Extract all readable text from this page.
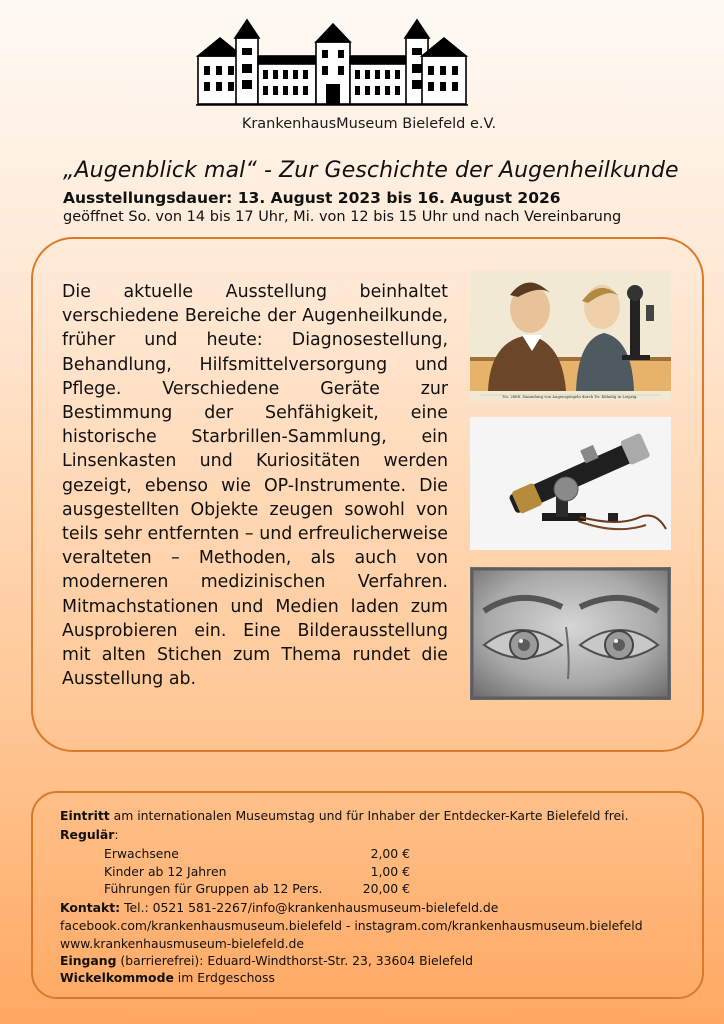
KrankenhausMuseum Bielefeld e.V.
„Augenblick mal“ - Zur Geschichte der Augenheilkunde
Ausstellungsdauer: 13. August 2023 bis 16. August 2026
geöffnet So. von 14 bis 17 Uhr, Mi. von 12 bis 15 Uhr und nach Vereinbarung
Die aktuelle Ausstellung beinhaltet verschiedene Bereiche der Augenheilkunde, früher und heute: Diagnosestellung, Behandlung, Hilfsmittelversorgung und Pflege. Verschiedene Geräte zur Bestimmung der Sehfähigkeit, eine historische Starbrillen-Sammlung, ein Linsenkasten und Kuriositäten werden gezeigt, ebenso wie OP-Instrumente. Die ausgestellten Objekte zeugen sowohl von teils sehr entfernten – und erfreulicherweise veralteten – Methoden, als auch von moderneren medizinischen Verfahren. Mitmachstationen und Medien laden zum Ausprobieren ein. Eine Bilderausstellung mit alten Stichen zum Thema rundet die Ausstellung ab.
No. 2868. Sammlung von Augenspiegeln durch Dr. Kühnlig in Leipzig.
Eintritt am internationalen Museumstag und für Inhaber der Entdecker-Karte Bielefeld frei.
Regulär:
Erwachsene	2,00 €
Kinder ab 12 Jahren	1,00 €
Führungen für Gruppen ab 12 Pers.	20,00 €
Kontakt: Tel.: 0521 581-2267/info@krankenhausmuseum-bielefeld.de
facebook.com/krankenhausmuseum.bielefeld - instagram.com/krankenhausmuseum.bielefeld
www.krankenhausmuseum-bielefeld.de
Eingang (barrierefrei): Eduard-Windthorst-Str. 23, 33604 Bielefeld
Wickelkommode im Erdgeschoss
